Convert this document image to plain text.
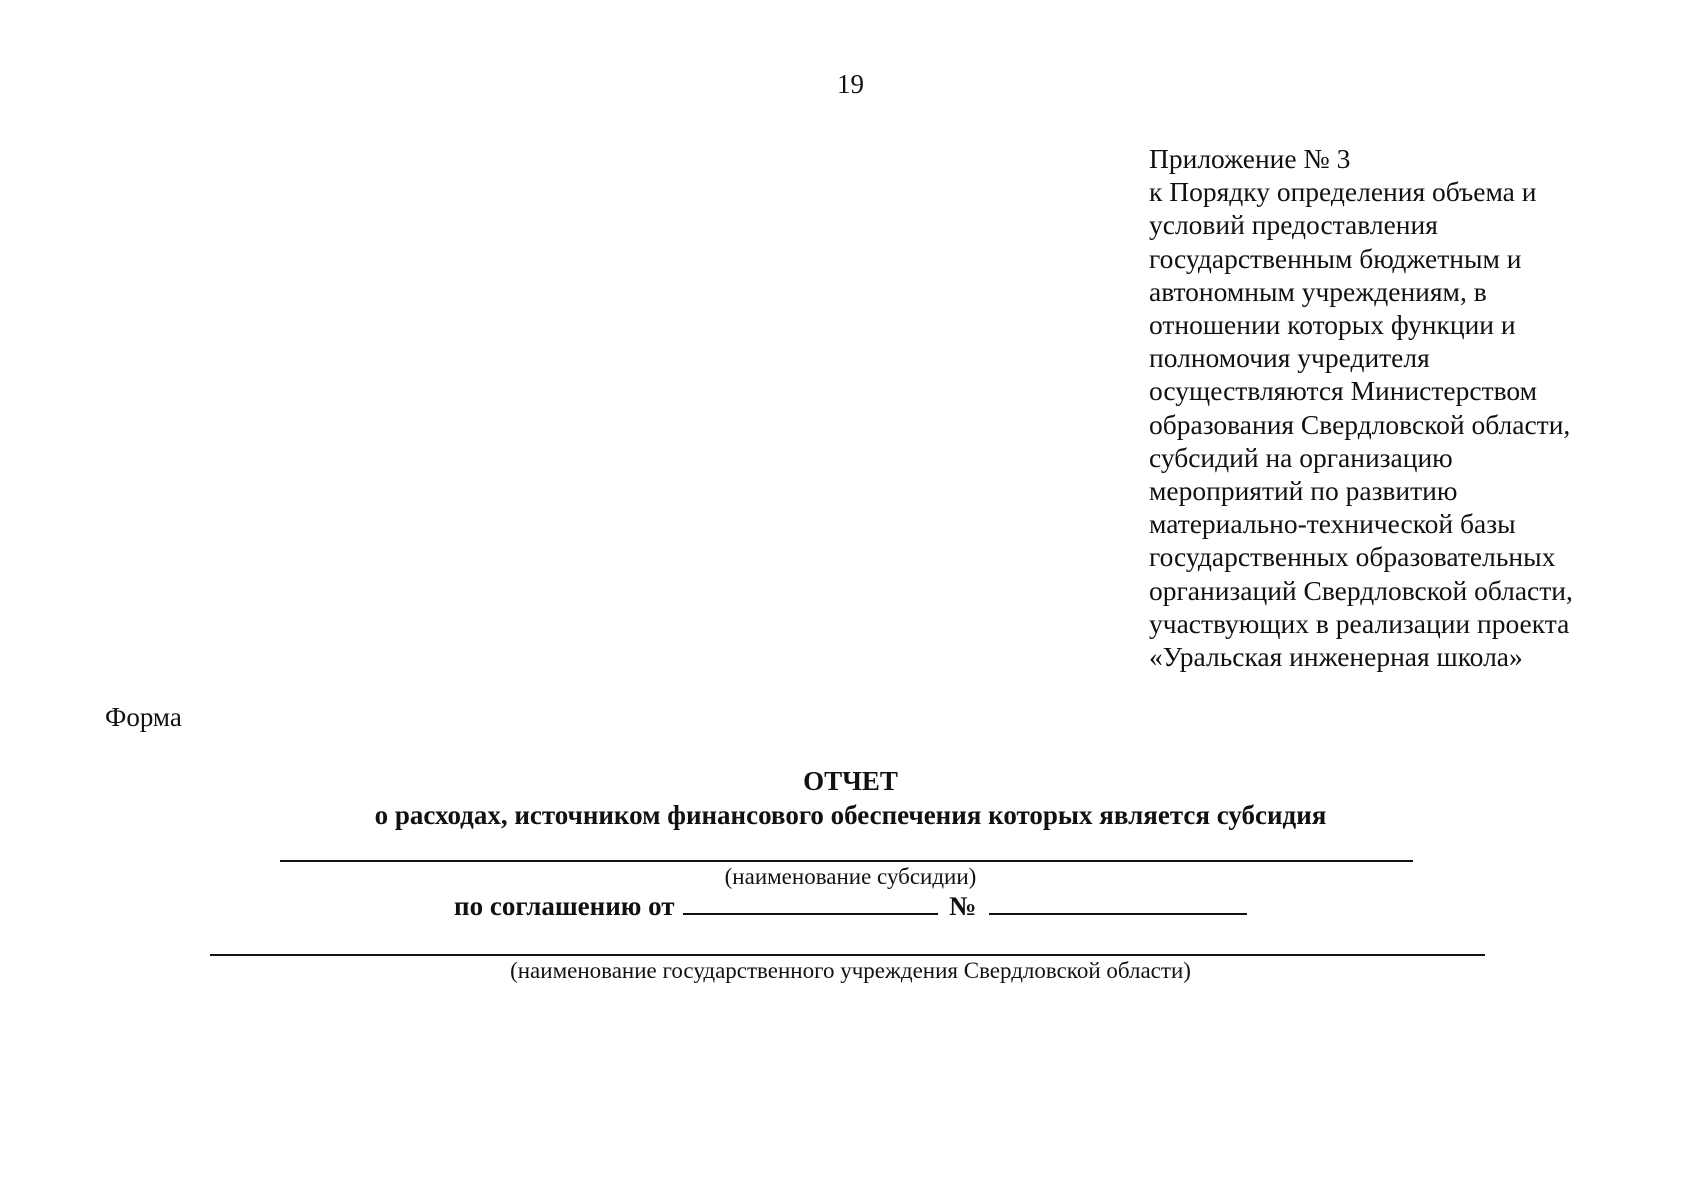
19
Приложение № 3
к Порядку определения объема и
условий предоставления
государственным бюджетным и
автономным учреждениям, в
отношении которых функции и
полномочия учредителя
осуществляются Министерством
образования Свердловской области,
субсидий на организацию
мероприятий по развитию
материально-технической базы
государственных образовательных
организаций Свердловской области,
участвующих в реализации проекта
«Уральская инженерная школа»
Форма
ОТЧЕТ
о расходах, источником финансового обеспечения которых является субсидия
(наименование субсидии)
по соглашению от	№
(наименование государственного учреждения Свердловской области)
